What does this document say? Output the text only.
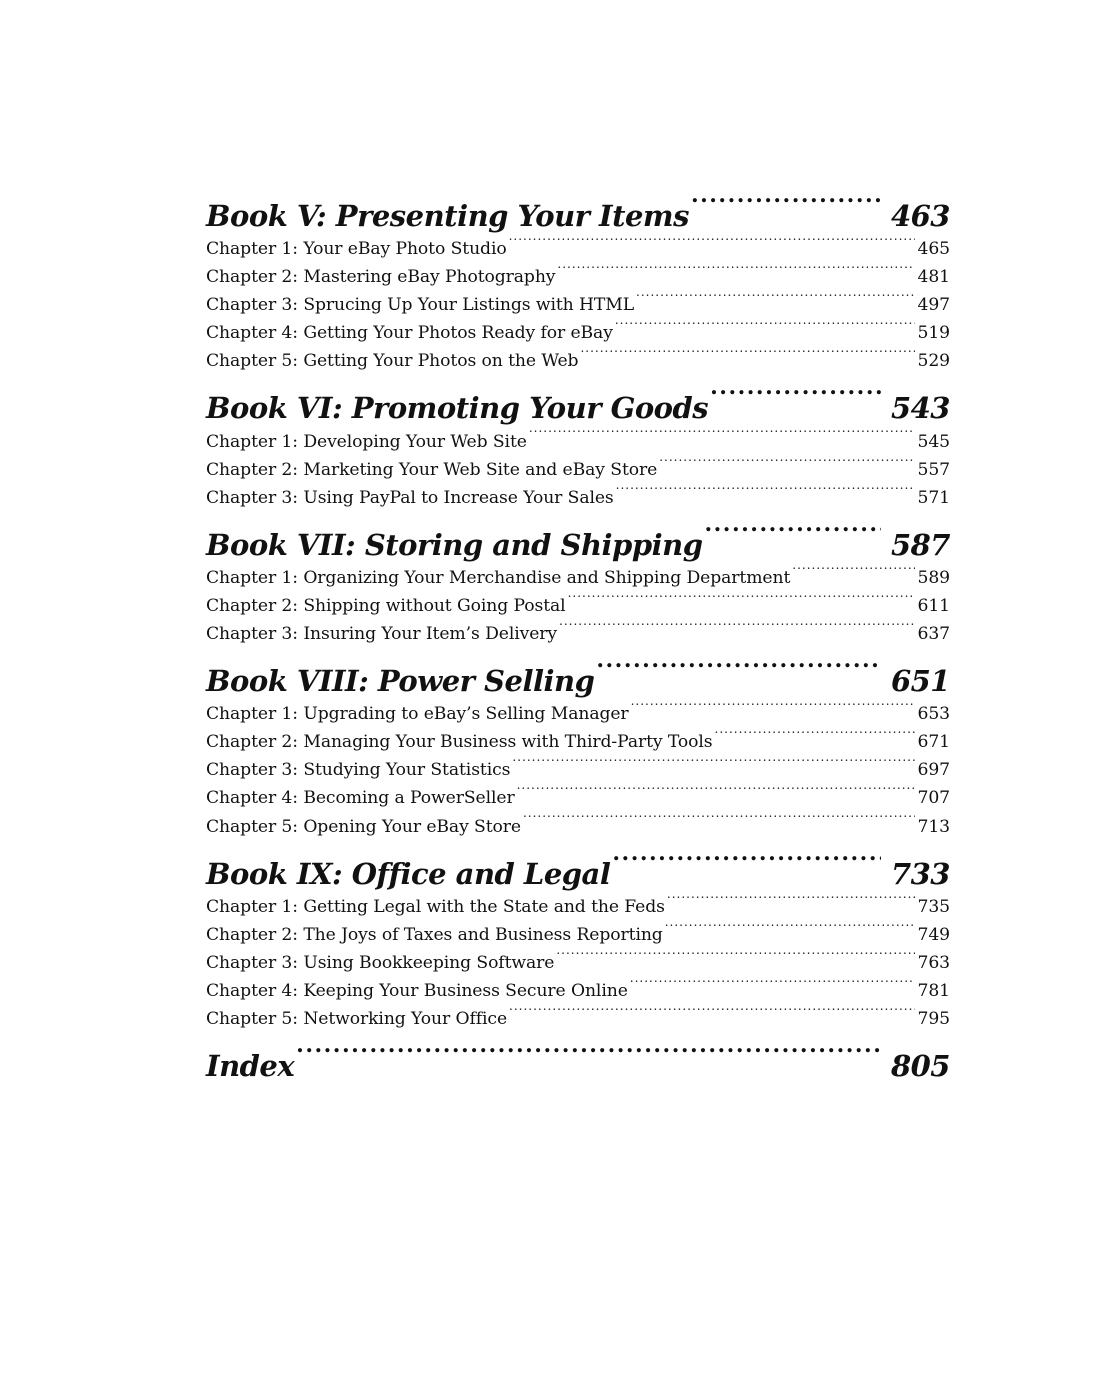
Book V: Presenting Your Items .....	463
Chapter 1: Your eBay Photo Studio .....	465
Chapter 2: Mastering eBay Photography .....	481
Chapter 3: Sprucing Up Your Listings with HTML .....	497
Chapter 4: Getting Your Photos Ready for eBay .....	519
Chapter 5: Getting Your Photos on the Web .....	529
Book VI: Promoting Your Goods .....	543
Chapter 1: Developing Your Web Site .....	545
Chapter 2: Marketing Your Web Site and eBay Store .....	557
Chapter 3: Using PayPal to Increase Your Sales .....	571
Book VII: Storing and Shipping .....	587
Chapter 1: Organizing Your Merchandise and Shipping Department .....	589
Chapter 2: Shipping without Going Postal .....	611
Chapter 3: Insuring Your Item’s Delivery .....	637
Book VIII: Power Selling .....	651
Chapter 1: Upgrading to eBay’s Selling Manager .....	653
Chapter 2: Managing Your Business with Third-Party Tools .....	671
Chapter 3: Studying Your Statistics .....	697
Chapter 4: Becoming a PowerSeller .....	707
Chapter 5: Opening Your eBay Store .....	713
Book IX: Office and Legal .....	733
Chapter 1: Getting Legal with the State and the Feds .....	735
Chapter 2: The Joys of Taxes and Business Reporting .....	749
Chapter 3: Using Bookkeeping Software .....	763
Chapter 4: Keeping Your Business Secure Online .....	781
Chapter 5: Networking Your Office .....	795
Index .....	805
